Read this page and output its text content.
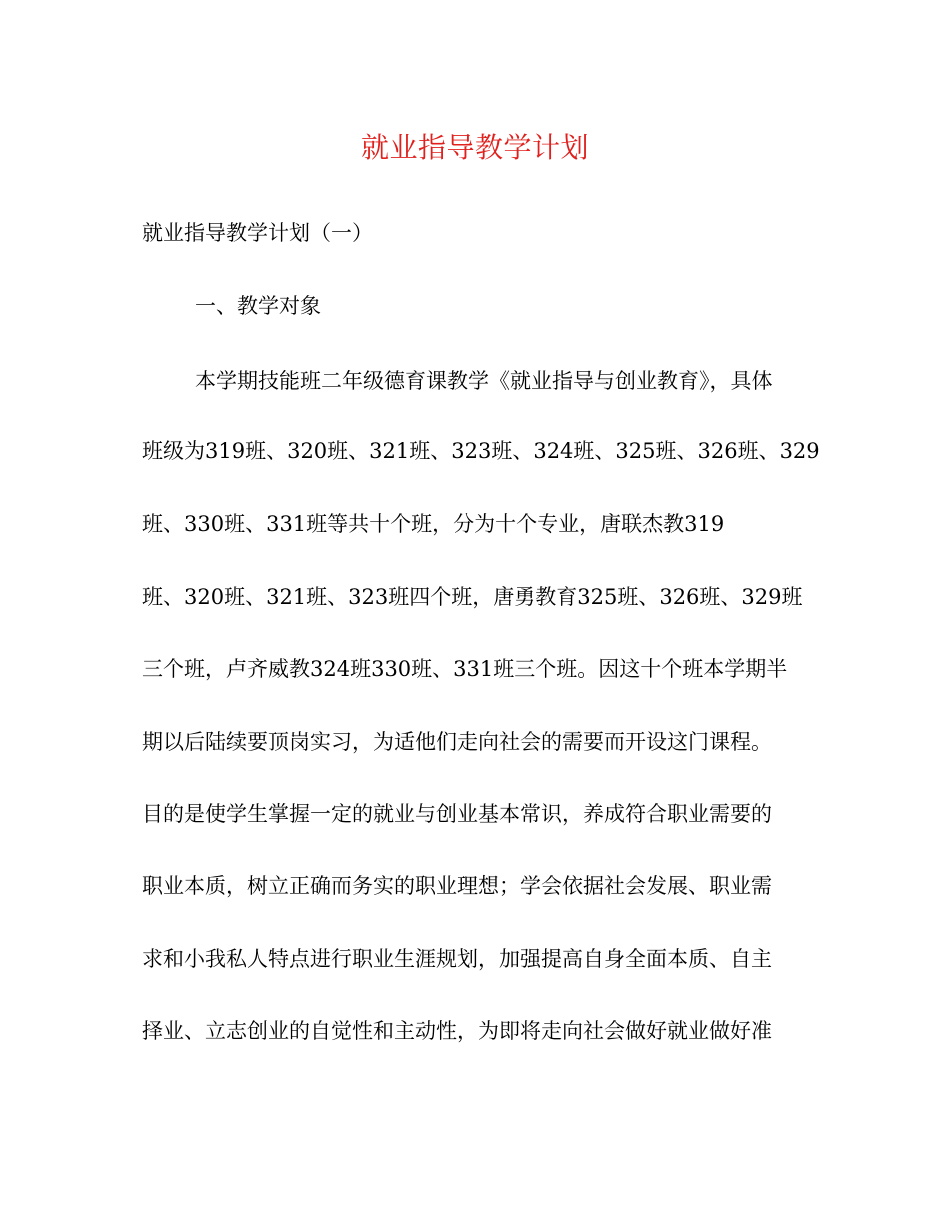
就业指导教学计划
就业指导教学计划（一）
一、教学对象
本学期技能班二年级德育课教学《就业指导与创业教育》，具体
班级为319班、320班、321班、323班、324班、325班、326班、329
班、330班、331班等共十个班，分为十个专业，唐联杰教319
班、320班、321班、323班四个班，唐勇教育325班、326班、329班
三个班，卢齐威教324班330班、331班三个班。因这十个班本学期半
期以后陆续要顶岗实习，为适他们走向社会的需要而开设这门课程。
目的是使学生掌握一定的就业与创业基本常识，养成符合职业需要的
职业本质，树立正确而务实的职业理想；学会依据社会发展、职业需
求和小我私人特点进行职业生涯规划，加强提高自身全面本质、自主
择业、立志创业的自觉性和主动性，为即将走向社会做好就业做好准
